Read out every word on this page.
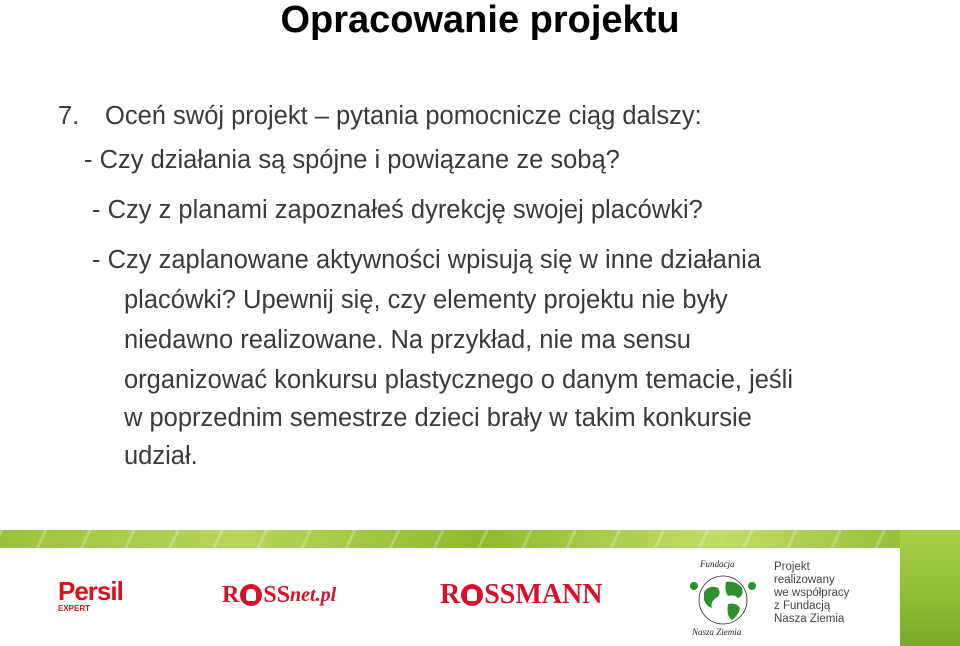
Opracowanie projektu
7. Oceń swój projekt – pytania pomocnicze ciąg dalszy:
- Czy działania są spójne i powiązane ze sobą?
- Czy z planami zapoznałeś dyrekcję swojej placówki?
- Czy zaplanowane aktywności wpisują się w inne działania
placówki? Upewnij się, czy elementy projektu nie były
niedawno realizowane. Na przykład, nie ma sensu
organizować konkursu plastycznego o danym temacie, jeśli
w poprzednim semestrze dzieci brały w takim konkursie
udział.
Persil
EXPERT
R SS net.pl	R SSMANN
Fundacja
Nasza Ziemia
Projekt
realizowany
we współpracy
z Fundacją
Nasza Ziemia
